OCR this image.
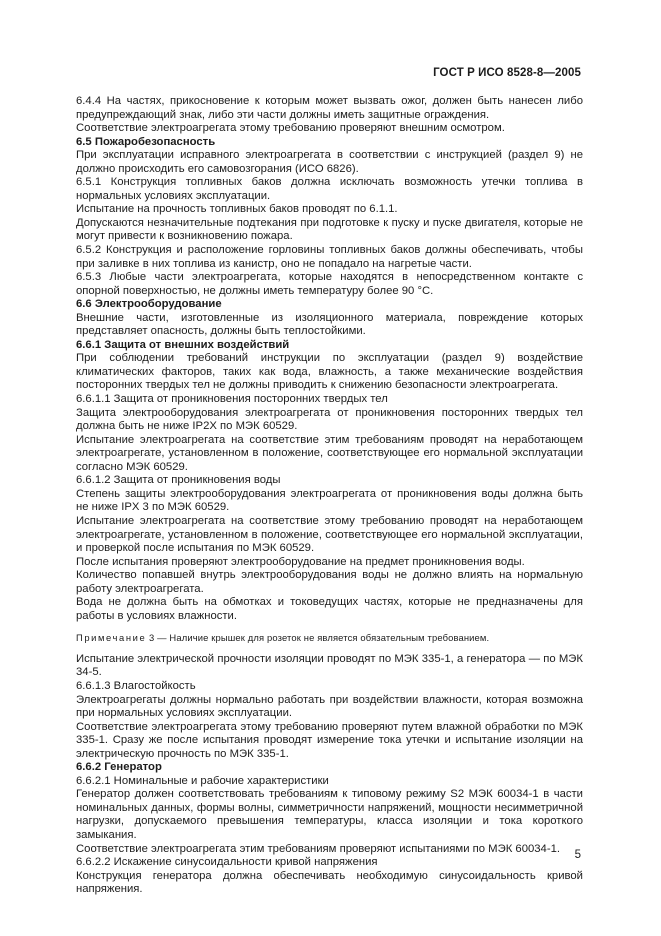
ГОСТ Р ИСО 8528-8—2005

6.4.4 На частях, прикосновение к которым может вызвать ожог, должен быть нанесен либо предупреждающий знак, либо эти части должны иметь защитные ограждения.

Соответствие электроагрегата этому требованию проверяют внешним осмотром.

6.5 Пожаробезопасность

При эксплуатации исправного электроагрегата в соответствии с инструкцией (раздел 9) не должно происходить его самовозгорания (ИСО 6826).

6.5.1 Конструкция топливных баков должна исключать возможность утечки топлива в нормальных условиях эксплуатации.

Испытание на прочность топливных баков проводят по 6.1.1.

Допускаются незначительные подтекания при подготовке к пуску и пуске двигателя, которые не могут привести к возникновению пожара.

6.5.2 Конструкция и расположение горловины топливных баков должны обеспечивать, чтобы при заливке в них топлива из канистр, оно не попадало на нагретые части.

6.5.3 Любые части электроагрегата, которые находятся в непосредственном контакте с опорной поверхностью, не должны иметь температуру более 90 °С.

6.6 Электрооборудование

Внешние части, изготовленные из изоляционного материала, повреждение которых представляет опасность, должны быть теплостойкими.

6.6.1 Защита от внешних воздействий

При соблюдении требований инструкции по эксплуатации (раздел 9) воздействие климатических факторов, таких как вода, влажность, а также механические воздействия посторонних твердых тел не должны приводить к снижению безопасности электроагрегата.

6.6.1.1 Защита от проникновения посторонних твердых тел

Защита электрооборудования электроагрегата от проникновения посторонних твердых тел должна быть не ниже IP2X по МЭК 60529.

Испытание электроагрегата на соответствие этим требованиям проводят на неработающем электроагрегате, установленном в положение, соответствующее его нормальной эксплуатации согласно МЭК 60529.

6.6.1.2 Защита от проникновения воды

Степень защиты электрооборудования электроагрегата от проникновения воды должна быть не ниже IPX 3 по МЭК 60529.

Испытание электроагрегата на соответствие этому требованию проводят на неработающем электроагрегате, установленном в положение, соответствующее его нормальной эксплуатации, и проверкой после испытания по МЭК 60529.

После испытания проверяют электрооборудование на предмет проникновения воды.

Количество попавшей внутрь электрооборудования воды не должно влиять на нормальную работу электроагрегата.

Вода не должна быть на обмотках и токоведущих частях, которые не предназначены для работы в условиях влажности.

Примечание 3 — Наличие крышек для розеток не является обязательным требованием.

Испытание электрической прочности изоляции проводят по МЭК 335-1, а генератора — по МЭК 34-5.

6.6.1.3 Влагостойкость

Электроагрегаты должны нормально работать при воздействии влажности, которая возможна при нормальных условиях эксплуатации.

Соответствие электроагрегата этому требованию проверяют путем влажной обработки по МЭК 335-1. Сразу же после испытания проводят измерение тока утечки и испытание изоляции на электрическую прочность по МЭК 335-1.

6.6.2 Генератор

6.6.2.1 Номинальные и рабочие характеристики

Генератор должен соответствовать требованиям к типовому режиму S2 МЭК 60034-1 в части номинальных данных, формы волны, симметричности напряжений, мощности несимметричной нагрузки, допускаемого превышения температуры, класса изоляции и тока короткого замыкания.

Соответствие электроагрегата этим требованиям проверяют испытаниями по МЭК 60034-1.

6.6.2.2 Искажение синусоидальности кривой напряжения

Конструкция генератора должна обеспечивать необходимую синусоидальность кривой напряжения.

5
